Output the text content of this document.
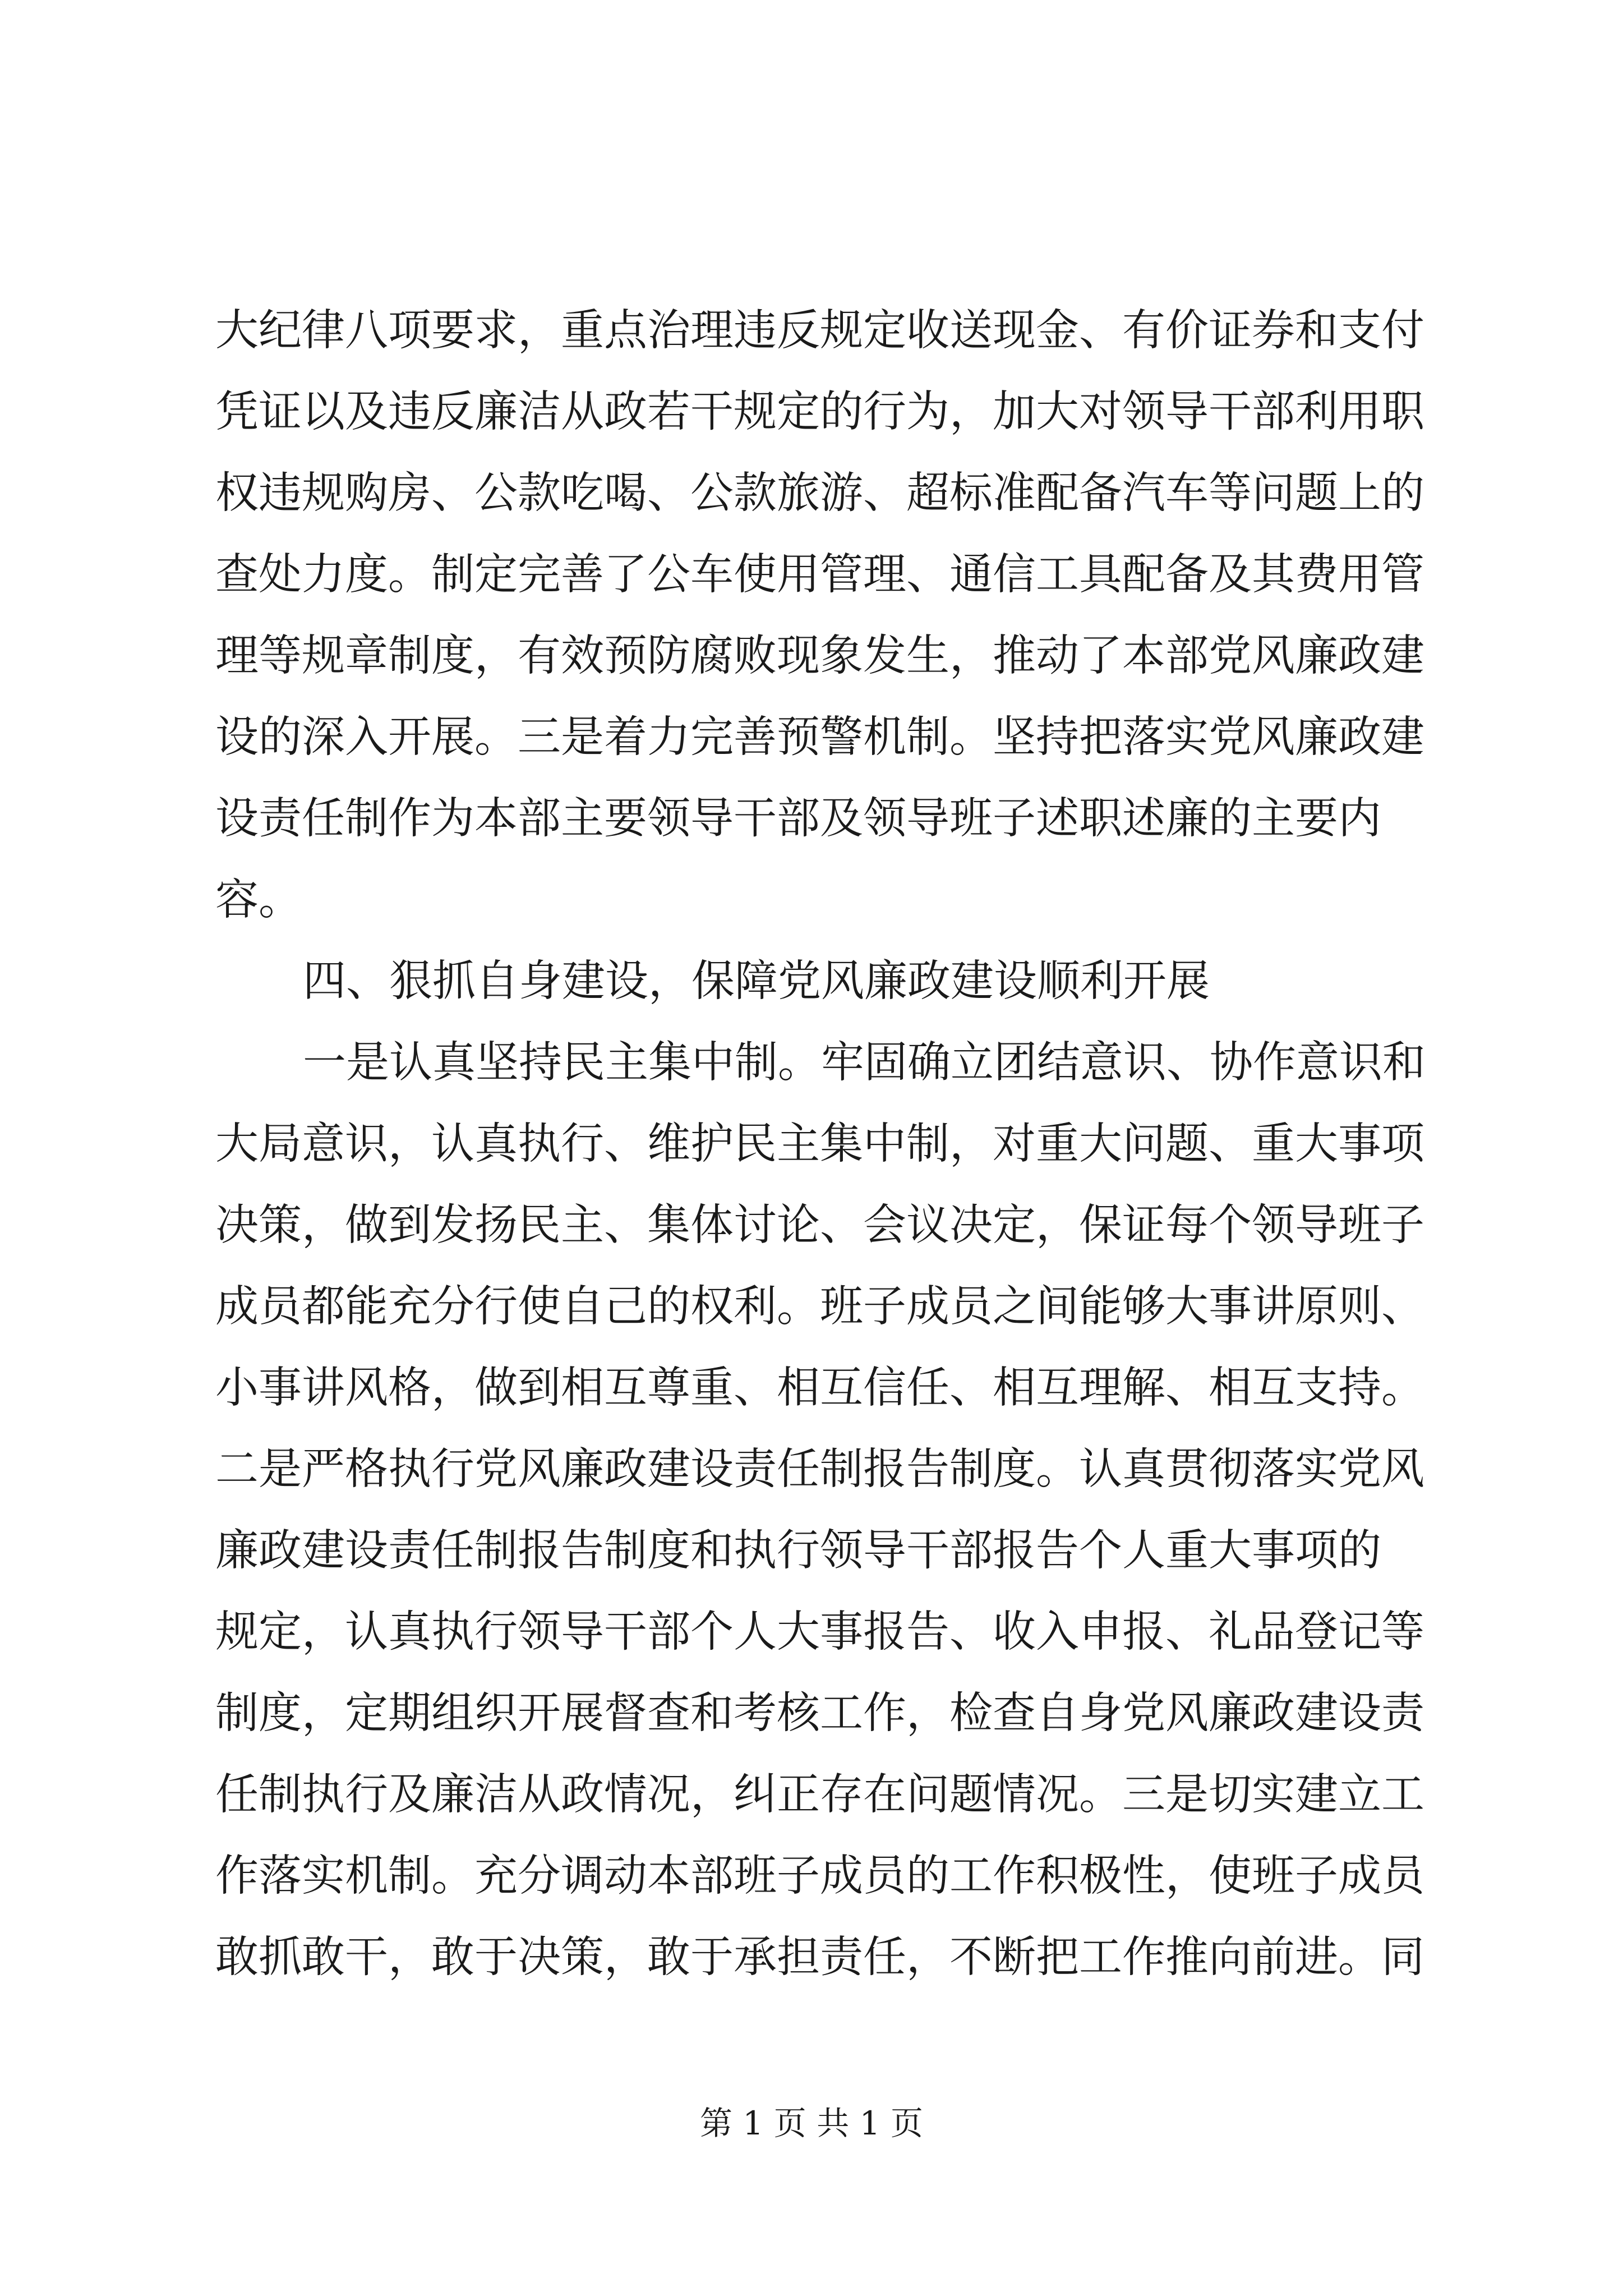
大纪律八项要求，重点治理违反规定收送现金、有价证券和支付
凭证以及违反廉洁从政若干规定的行为，加大对领导干部利用职
权违规购房、公款吃喝、公款旅游、超标准配备汽车等问题上的
查处力度。制定完善了公车使用管理、通信工具配备及其费用管
理等规章制度，有效预防腐败现象发生，推动了本部党风廉政建
设的深入开展。三是着力完善预警机制。坚持把落实党风廉政建
设责任制作为本部主要领导干部及领导班子述职述廉的主要内
容。
四、狠抓自身建设，保障党风廉政建设顺利开展
一是认真坚持民主集中制。牢固确立团结意识、协作意识和
大局意识，认真执行、维护民主集中制，对重大问题、重大事项
决策，做到发扬民主、集体讨论、会议决定，保证每个领导班子
成员都能充分行使自己的权利。班子成员之间能够大事讲原则、
小事讲风格，做到相互尊重、相互信任、相互理解、相互支持。
二是严格执行党风廉政建设责任制报告制度。认真贯彻落实党风
廉政建设责任制报告制度和执行领导干部报告个人重大事项的
规定，认真执行领导干部个人大事报告、收入申报、礼品登记等
制度，定期组织开展督查和考核工作，检查自身党风廉政建设责
任制执行及廉洁从政情况，纠正存在问题情况。三是切实建立工
作落实机制。充分调动本部班子成员的工作积极性，使班子成员
敢抓敢干，敢于决策，敢于承担责任，不断把工作推向前进。同
第 1 页 共 1 页
